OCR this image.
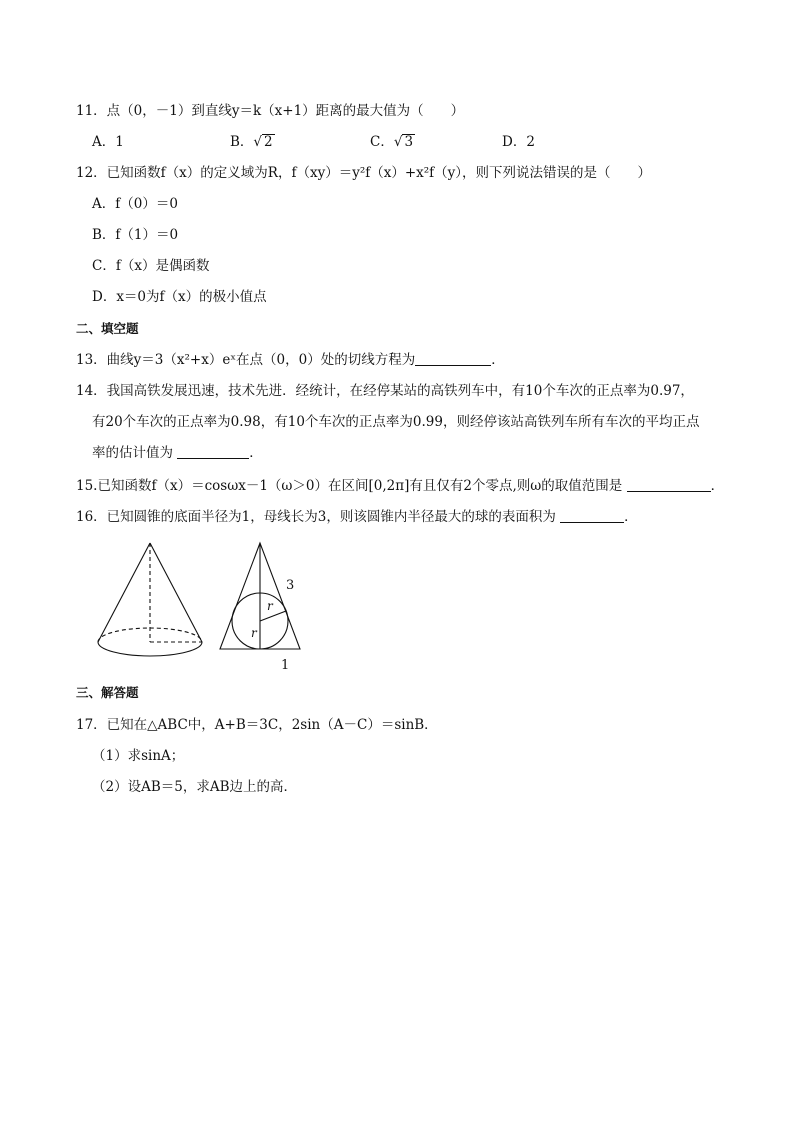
11．点（0，－1）到直线y＝k（x+1）距离的最大值为（　　）
A．1	B．√ 2	C．√ 3	D．2
12．已知函数f（x）的定义域为R，f（xy）＝y²f（x）+x²f（y），则下列说法错误的是（　　）
A．f（0）＝0
B．f（1）＝0
C．f（x）是偶函数
D．x＝0为f（x）的极小值点
二、填空题
13．曲线y＝3（x²+x）eˣ在点（0，0）处的切线方程为	．
14．我国高铁发展迅速，技术先进．经统计，在经停某站的高铁列车中，有10个车次的正点率为0.97，
有20个车次的正点率为0.98，有10个车次的正点率为0.99，则经停该站高铁列车所有车次的平均正点
率的估计值为	．
15.已知函数f（x）＝cosωx－1（ω＞0）在区间[0,2π]有且仅有2个零点,则ω的取值范围是	．
16．已知圆锥的底面半径为1，母线长为3，则该圆锥内半径最大的球的表面积为	．
3
r
r
1
三、解答题
17．已知在△ABC中，A+B＝3C，2sin（A－C）＝sinB．
（1）求sinA；
（2）设AB＝5，求AB边上的高．
